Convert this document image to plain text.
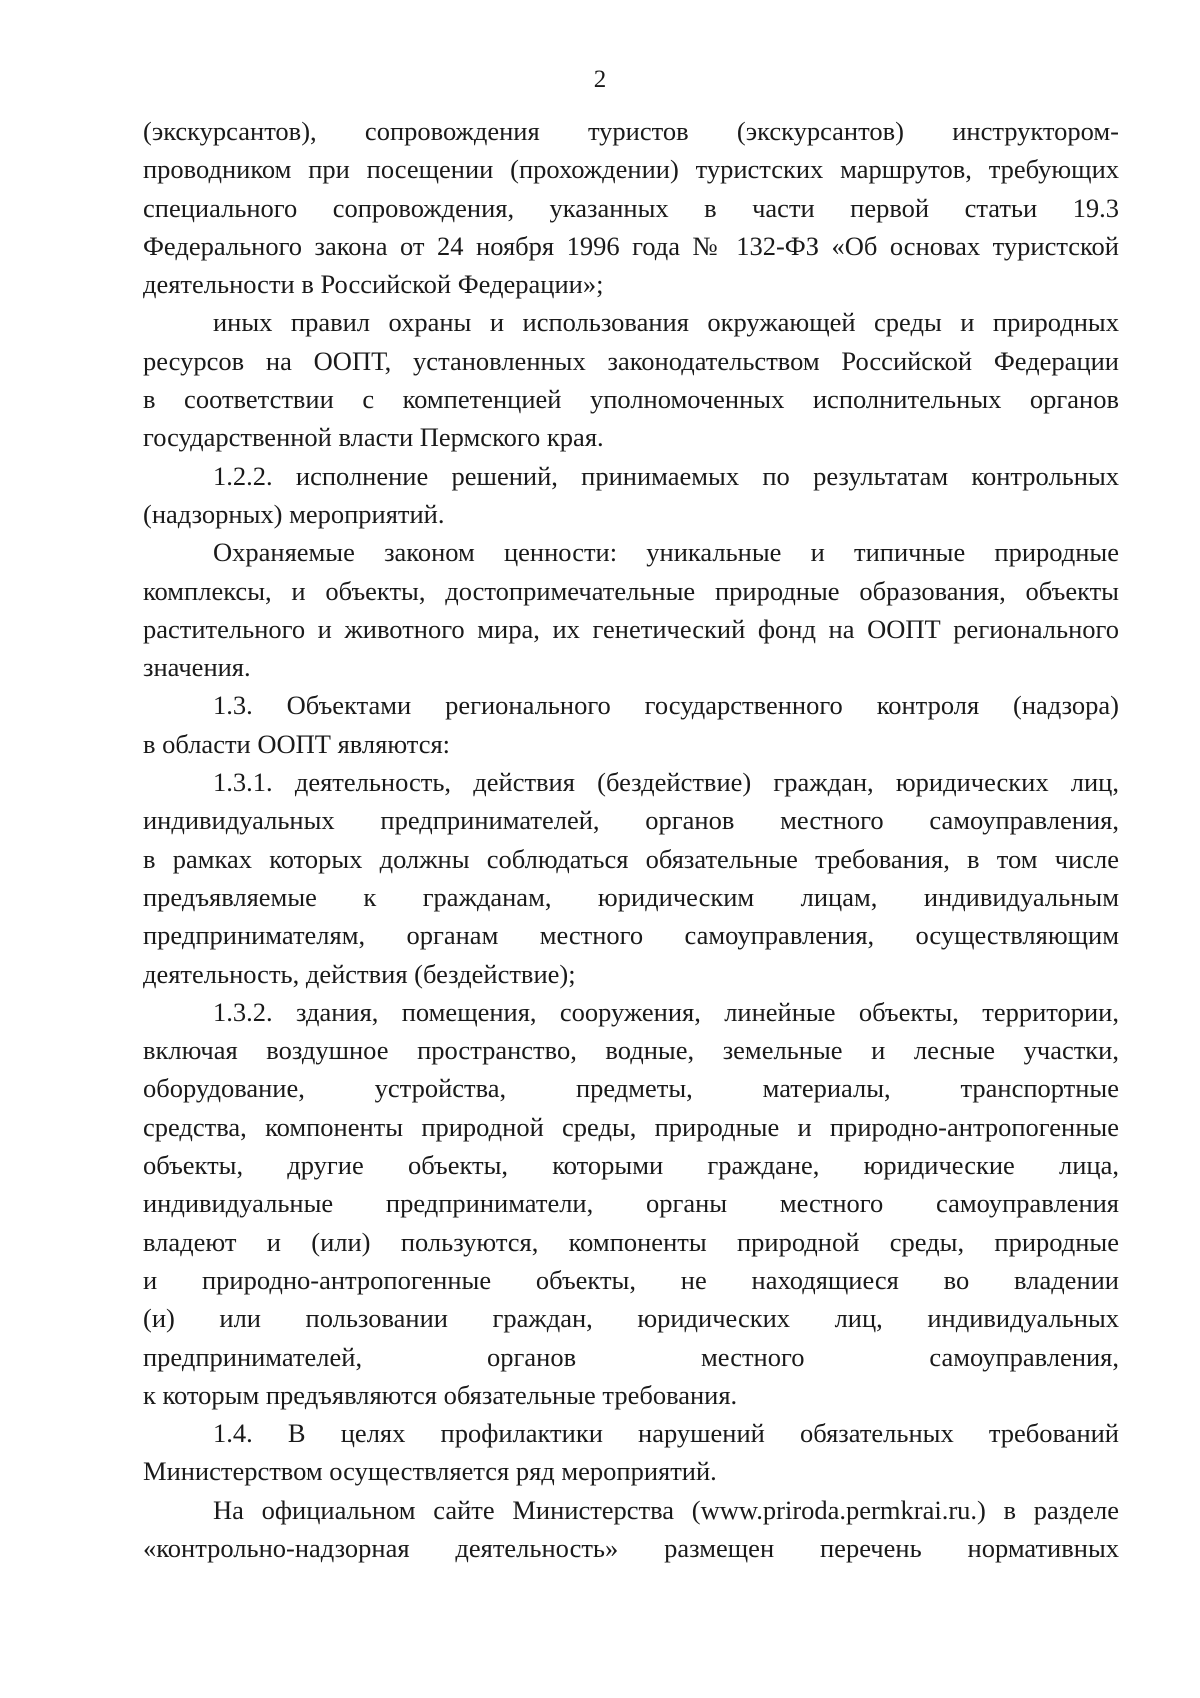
2
(экскурсантов), сопровождения туристов (экскурсантов) инструктором-
проводником при посещении (прохождении) туристских маршрутов, требующих
специального сопровождения, указанных в части первой статьи 19.3
Федерального закона от 24 ноября 1996 года № 132-ФЗ «Об основах туристской
деятельности в Российской Федерации»;
иных правил охраны и использования окружающей среды и природных
ресурсов на ООПТ, установленных законодательством Российской Федерации
в соответствии с компетенцией уполномоченных исполнительных органов
государственной власти Пермского края.
1.2.2. исполнение решений, принимаемых по результатам контрольных
(надзорных) мероприятий.
Охраняемые законом ценности: уникальные и типичные природные
комплексы, и объекты, достопримечательные природные образования, объекты
растительного и животного мира, их генетический фонд на ООПТ регионального
значения.
1.3. Объектами регионального государственного контроля (надзора)
в области ООПТ являются:
1.3.1. деятельность, действия (бездействие) граждан, юридических лиц,
индивидуальных предпринимателей, органов местного самоуправления,
в рамках которых должны соблюдаться обязательные требования, в том числе
предъявляемые к гражданам, юридическим лицам, индивидуальным
предпринимателям, органам местного самоуправления, осуществляющим
деятельность, действия (бездействие);
1.3.2. здания, помещения, сооружения, линейные объекты, территории,
включая воздушное пространство, водные, земельные и лесные участки,
оборудование, устройства, предметы, материалы, транспортные
средства, компоненты природной среды, природные и природно-антропогенные
объекты, другие объекты, которыми граждане, юридические лица,
индивидуальные предприниматели, органы местного самоуправления
владеют и (или) пользуются, компоненты природной среды, природные
и природно-антропогенные объекты, не находящиеся во владении
(и) или пользовании граждан, юридических лиц, индивидуальных
предпринимателей, органов местного самоуправления,
к которым предъявляются обязательные требования.
1.4. В целях профилактики нарушений обязательных требований
Министерством осуществляется ряд мероприятий.
На официальном сайте Министерства (www.priroda.permkrai.ru.) в разделе
«контрольно-надзорная деятельность» размещен перечень нормативных
